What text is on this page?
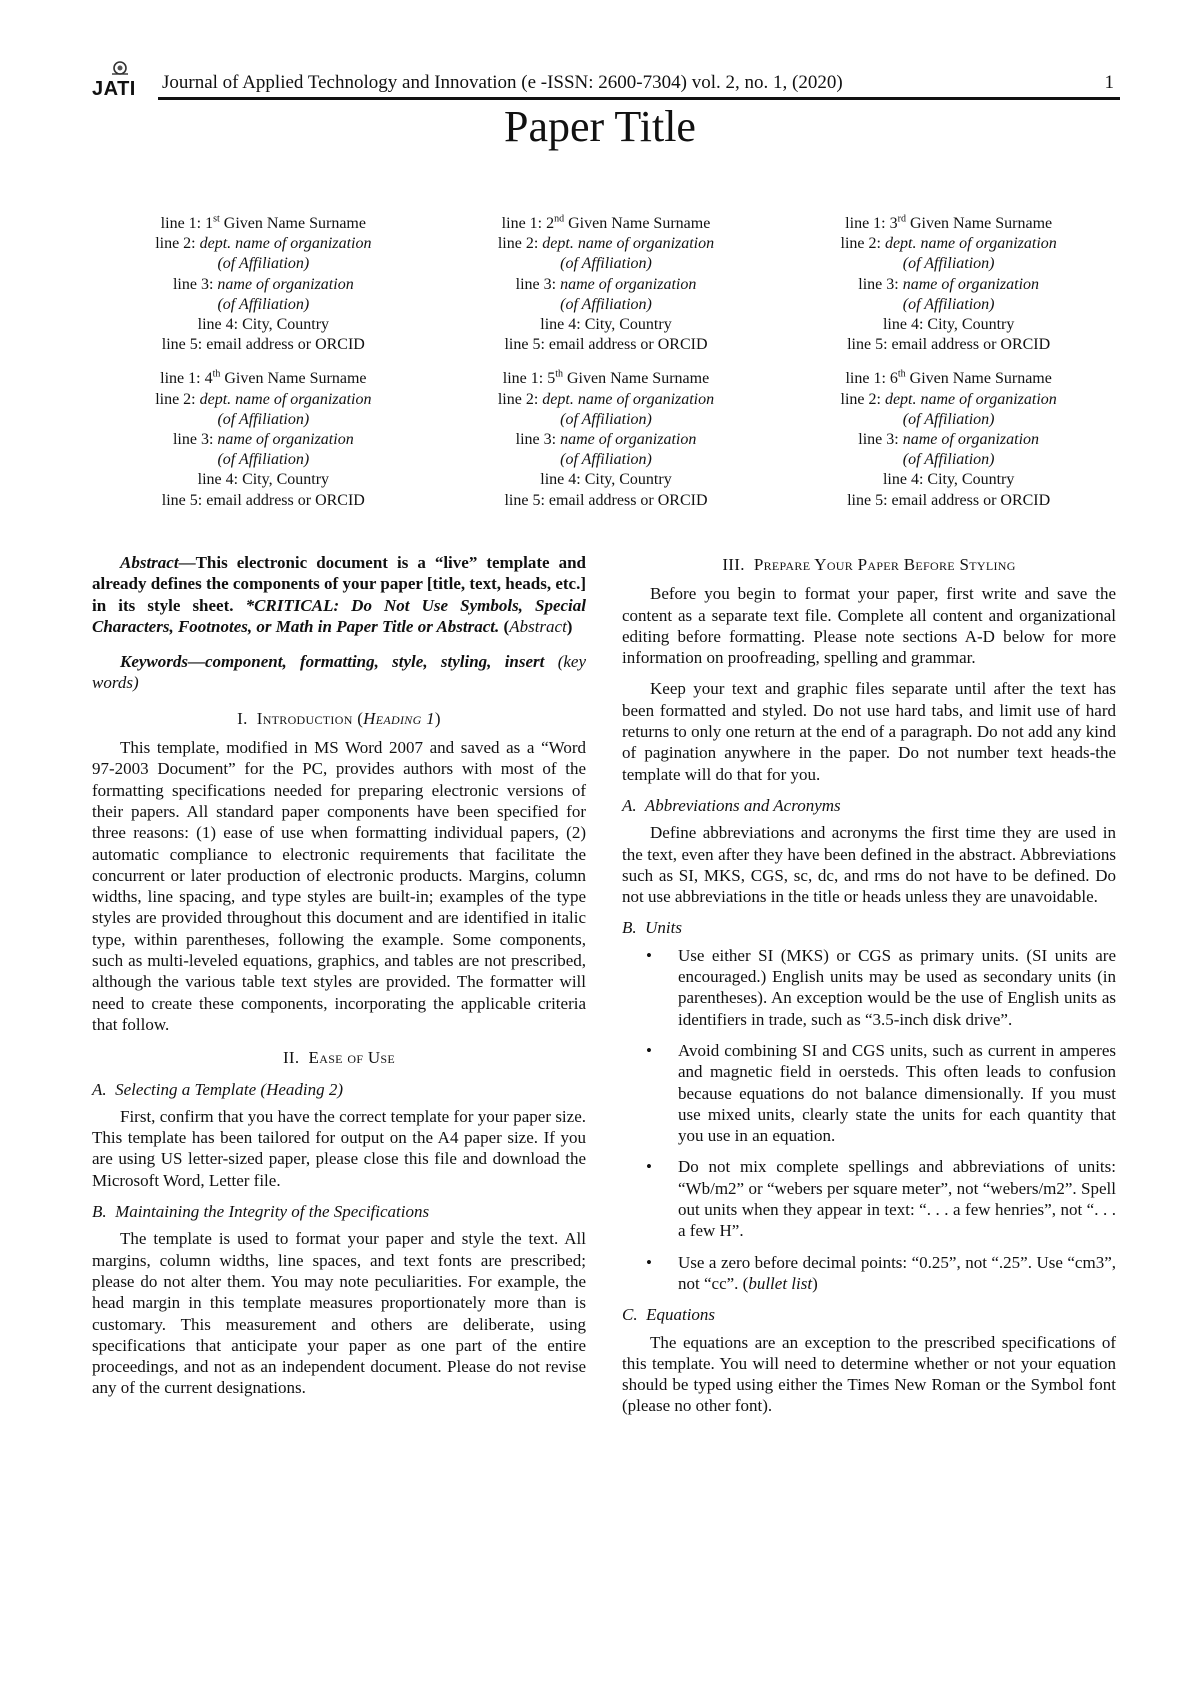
JATI Journal of Applied Technology and Innovation (e -ISSN: 2600-7304) vol. 2, no. 1, (2020)	1
Paper Title
line 1: 1st Given Name Surname
line 2: dept. name of organization
(of Affiliation)
line 3: name of organization
(of Affiliation)
line 4: City, Country
line 5: email address or ORCID
line 1: 2nd Given Name Surname
line 2: dept. name of organization
(of Affiliation)
line 3: name of organization
(of Affiliation)
line 4: City, Country
line 5: email address or ORCID
line 1: 3rd Given Name Surname
line 2: dept. name of organization
(of Affiliation)
line 3: name of organization
(of Affiliation)
line 4: City, Country
line 5: email address or ORCID
line 1: 4th Given Name Surname
line 2: dept. name of organization
(of Affiliation)
line 3: name of organization
(of Affiliation)
line 4: City, Country
line 5: email address or ORCID
line 1: 5th Given Name Surname
line 2: dept. name of organization
(of Affiliation)
line 3: name of organization
(of Affiliation)
line 4: City, Country
line 5: email address or ORCID
line 1: 6th Given Name Surname
line 2: dept. name of organization
(of Affiliation)
line 3: name of organization
(of Affiliation)
line 4: City, Country
line 5: email address or ORCID

Abstract—This electronic document is a “live” template and already defines the components of your paper [title, text, heads, etc.] in its style sheet. *CRITICAL: Do Not Use Symbols, Special Characters, Footnotes, or Math in Paper Title or Abstract. (Abstract)

Keywords—component, formatting, style, styling, insert (key words)

I. Introduction (Heading 1)

This template, modified in MS Word 2007 and saved as a “Word 97-2003 Document” for the PC, provides authors with most of the formatting specifications needed for preparing electronic versions of their papers. All standard paper components have been specified for three reasons: (1) ease of use when formatting individual papers, (2) automatic compliance to electronic requirements that facilitate the concurrent or later production of electronic products. Margins, column widths, line spacing, and type styles are built-in; examples of the type styles are provided throughout this document and are identified in italic type, within parentheses, following the example. Some components, such as multi-leveled equations, graphics, and tables are not prescribed, although the various table text styles are provided. The formatter will need to create these components, incorporating the applicable criteria that follow.

II. Ease of Use
A. Selecting a Template (Heading 2)

First, confirm that you have the correct template for your paper size. This template has been tailored for output on the A4 paper size. If you are using US letter-sized paper, please close this file and download the Microsoft Word, Letter file.

B. Maintaining the Integrity of the Specifications

The template is used to format your paper and style the text. All margins, column widths, line spaces, and text fonts are prescribed; please do not alter them. You may note peculiarities. For example, the head margin in this template measures proportionately more than is customary. This measurement and others are deliberate, using specifications that anticipate your paper as one part of the entire proceedings, and not as an independent document. Please do not revise any of the current designations.

III. Prepare Your Paper Before Styling

Before you begin to format your paper, first write and save the content as a separate text file. Complete all content and organizational editing before formatting. Please note sections A-D below for more information on proofreading, spelling and grammar.

Keep your text and graphic files separate until after the text has been formatted and styled. Do not use hard tabs, and limit use of hard returns to only one return at the end of a paragraph. Do not add any kind of pagination anywhere in the paper. Do not number text heads-the template will do that for you.

A. Abbreviations and Acronyms

Define abbreviations and acronyms the first time they are used in the text, even after they have been defined in the abstract. Abbreviations such as SI, MKS, CGS, sc, dc, and rms do not have to be defined. Do not use abbreviations in the title or heads unless they are unavoidable.

B. Units
• Use either SI (MKS) or CGS as primary units. (SI units are encouraged.) English units may be used as secondary units (in parentheses). An exception would be the use of English units as identifiers in trade, such as “3.5-inch disk drive”.
• Avoid combining SI and CGS units, such as current in amperes and magnetic field in oersteds. This often leads to confusion because equations do not balance dimensionally. If you must use mixed units, clearly state the units for each quantity that you use in an equation.
• Do not mix complete spellings and abbreviations of units: “Wb/m2” or “webers per square meter”, not “webers/m2”. Spell out units when they appear in text: “. . . a few henries”, not “. . . a few H”.
• Use a zero before decimal points: “0.25”, not “.25”. Use “cm3”, not “cc”. (bullet list)
C. Equations

The equations are an exception to the prescribed specifications of this template. You will need to determine whether or not your equation should be typed using either the Times New Roman or the Symbol font (please no other font).
